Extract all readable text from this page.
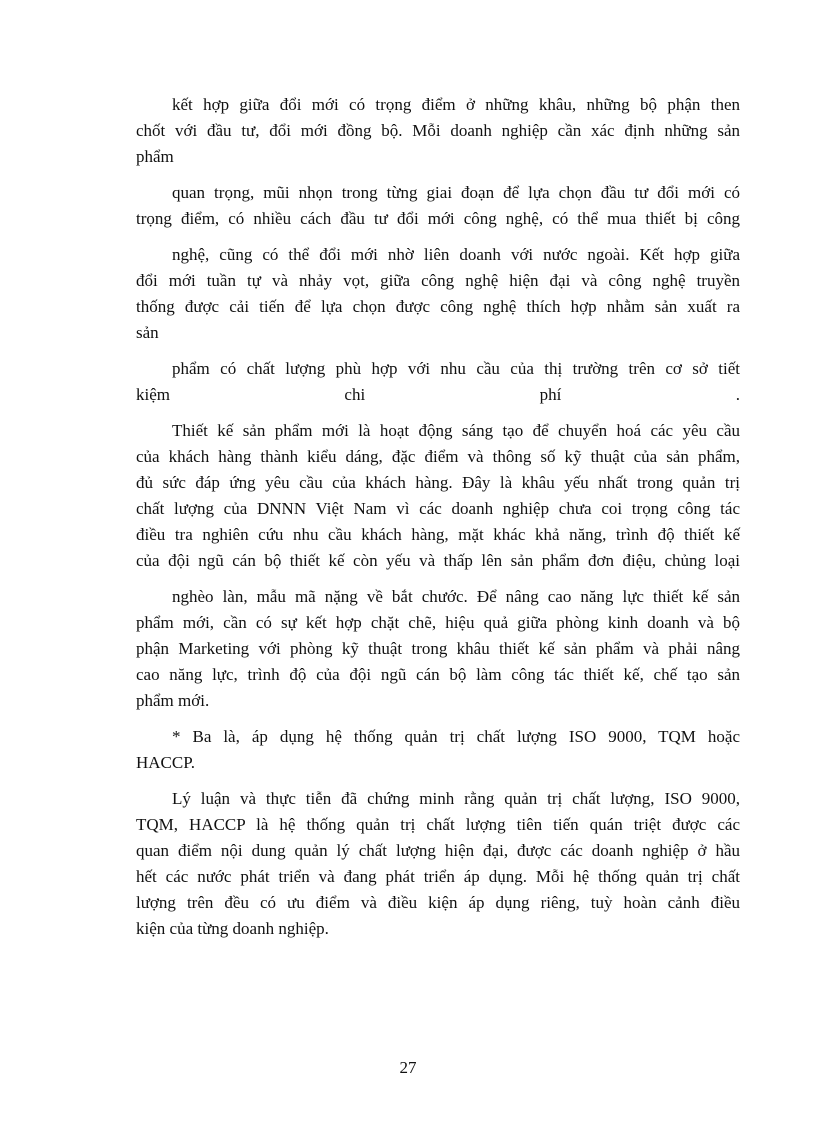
kết hợp giữa đổi mới có trọng điểm ở những khâu, những bộ phận then
chốt với đầu tư, đổi mới đồng bộ. Mỗi doanh nghiệp cần xác định những sản
phẩm

quan trọng, mũi nhọn trong từng giai đoạn để lựa chọn đầu tư đổi mới có
trọng điểm, có nhiều cách đầu tư đổi mới công nghệ, có thể mua thiết bị công

nghệ, cũng có thể đổi mới nhờ liên doanh với nước ngoài. Kết hợp giữa
đổi mới tuần tự và nhảy vọt, giữa công nghệ hiện đại và công nghệ truyền
thống được cải tiến để lựa chọn được công nghệ thích hợp nhằm sản xuất ra
sản

phẩm có chất lượng phù hợp với nhu cầu của thị trường trên cơ sở tiết
kiệm chi phí .

Thiết kế sản phẩm mới là hoạt động sáng tạo để chuyển hoá các yêu cầu
của khách hàng thành kiểu dáng, đặc điểm và thông số kỹ thuật của sản phẩm,
đủ sức đáp ứng yêu cầu của khách hàng. Đây là khâu yếu nhất trong quản trị
chất lượng của DNNN Việt Nam vì các doanh nghiệp chưa coi trọng công tác
điều tra nghiên cứu nhu cầu khách hàng, mặt khác khả năng, trình độ thiết kế
của đội ngũ cán bộ thiết kế còn yếu và thấp lên sản phẩm đơn điệu, chủng loại

nghèo làn, mẫu mã nặng về bắt chước. Để nâng cao năng lực thiết kế sản
phẩm mới, cần có sự kết hợp chặt chẽ, hiệu quả giữa phòng kinh doanh và bộ
phận Marketing với phòng kỹ thuật trong khâu thiết kế sản phẩm và phải nâng
cao năng lực, trình độ của đội ngũ cán bộ làm công tác thiết kế, chế tạo sản
phẩm mới.

* Ba là, áp dụng hệ thống quản trị chất lượng ISO 9000, TQM hoặc
HACCP.

Lý luận và thực tiễn đã chứng minh rằng quản trị chất lượng, ISO 9000,
TQM, HACCP là hệ thống quản trị chất lượng tiên tiến quán triệt được các
quan điểm nội dung quản lý chất lượng hiện đại, được các doanh nghiệp ở hầu
hết các nước phát triển và đang phát triển áp dụng. Mỗi hệ thống quản trị chất
lượng trên đều có ưu điểm và điều kiện áp dụng riêng, tuỳ hoàn cảnh điều
kiện của từng doanh nghiệp.

27
